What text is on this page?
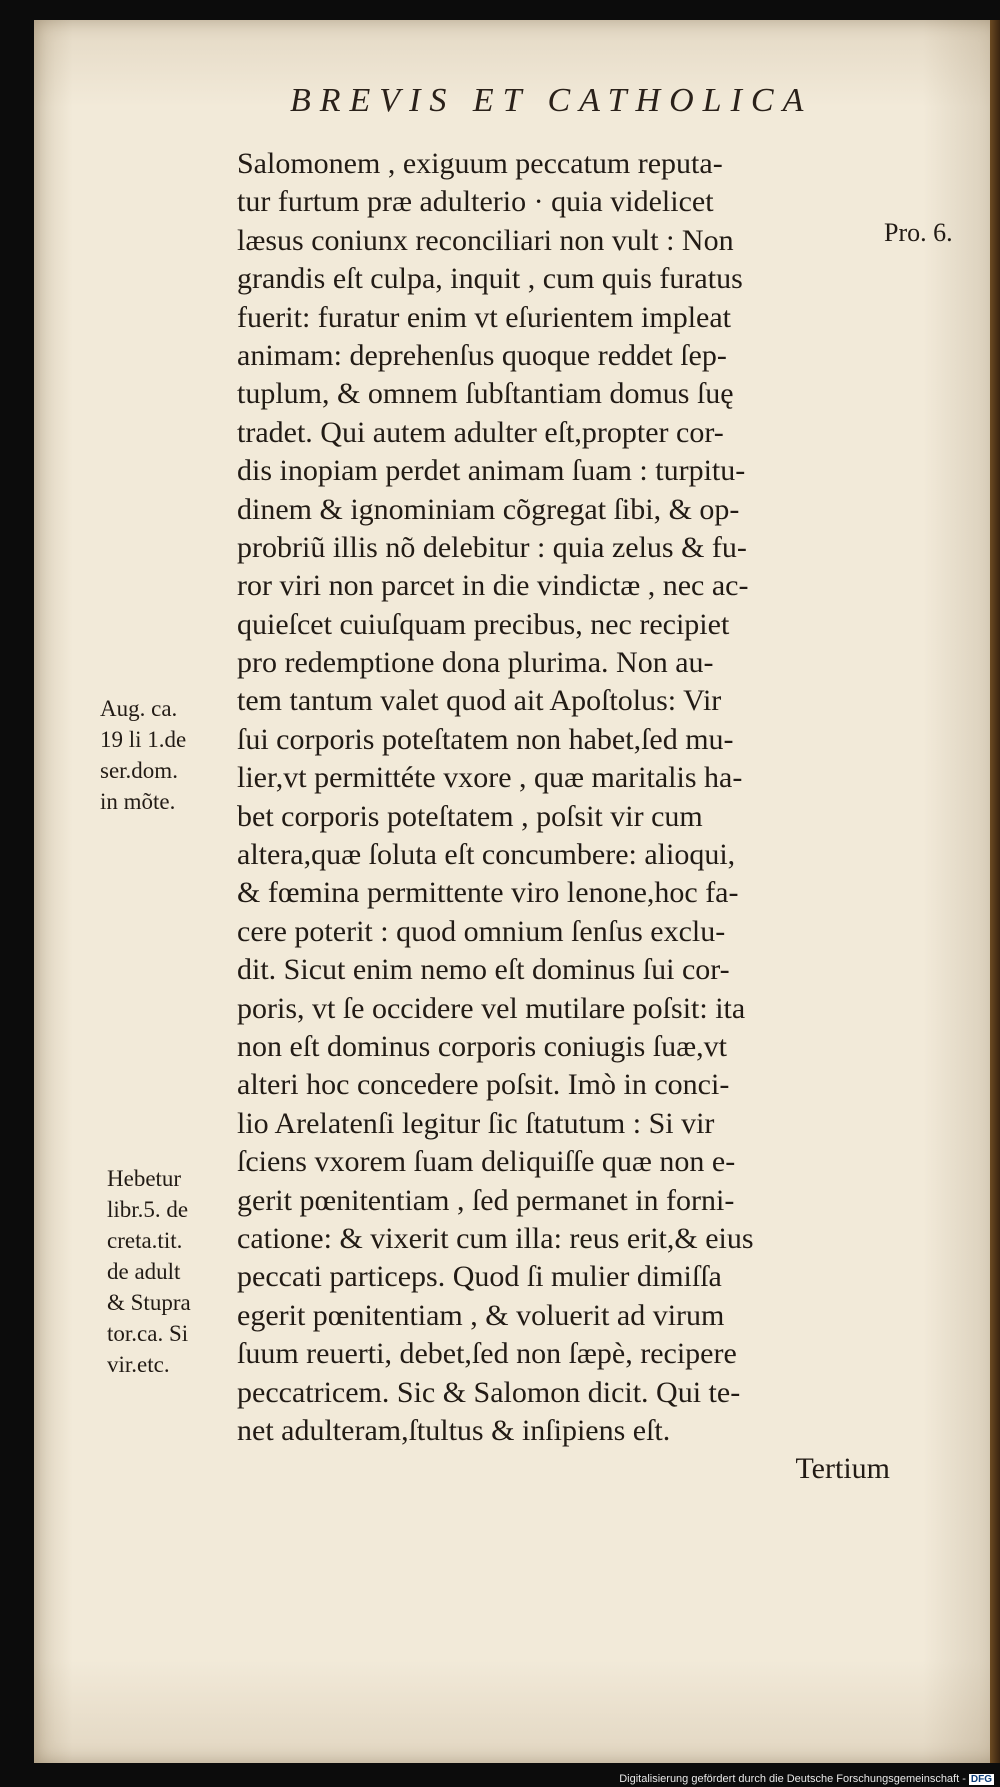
BREVIS ET CATHOLICA
Pro. 6.
Salomonem , exiguum peccatum reputa-
tur furtum præ adulterio · quia videlicet
læsus coniunx reconciliari non vult : Non
grandis eſt culpa, inquit , cum quis furatus
fuerit: furatur enim vt eſurientem impleat
animam: deprehenſus quoque reddet ſep-
tuplum, & omnem ſubſtantiam domus ſuę
tradet. Qui autem adulter eſt,propter cor-
dis inopiam perdet animam ſuam : turpitu-
dinem & ignominiam cõgregat ſibi, & op-
probriũ illis nõ delebitur : quia zelus & fu-
ror viri non parcet in die vindictæ , nec ac-
quieſcet cuiuſquam precibus, nec recipiet
pro redemptione dona plurima. Non au-
tem tantum valet quod ait Apoſtolus: Vir
ſui corporis poteſtatem non habet,ſed mu-
lier,vt permittéte vxore , quæ maritalis ha-
bet corporis poteſtatem , poſsit vir cum
altera,quæ ſoluta eſt concumbere: alioqui,
& fœmina permittente viro lenone,hoc fa-
cere poterit : quod omnium ſenſus exclu-
dit. Sicut enim nemo eſt dominus ſui cor-
poris, vt ſe occidere vel mutilare poſsit: ita
non eſt dominus corporis coniugis ſuæ,vt
alteri hoc concedere poſsit. Imò in conci-
lio Arelatenſi legitur ſic ſtatutum : Si vir
ſciens vxorem ſuam deliquiſſe quæ non e-
gerit pœnitentiam , ſed permanet in forni-
catione: & vixerit cum illa: reus erit,& eius
peccati particeps. Quod ſi mulier dimiſſa
egerit pœnitentiam , & voluerit ad virum
ſuum reuerti, debet,ſed non ſæpè, recipere
peccatricem. Sic & Salomon dicit. Qui te-
net adulteram,ſtultus & inſipiens eſt.
Tertium
Aug. ca.
19 li 1.de
ser.dom.
in mõte.
Hebetur
libr.5. de
creta.tit.
de adult
& Stupra
tor.ca. Si
vir.etc.
Digitalisierung gefördert durch die Deutsche Forschungsgemeinschaft - DFG
